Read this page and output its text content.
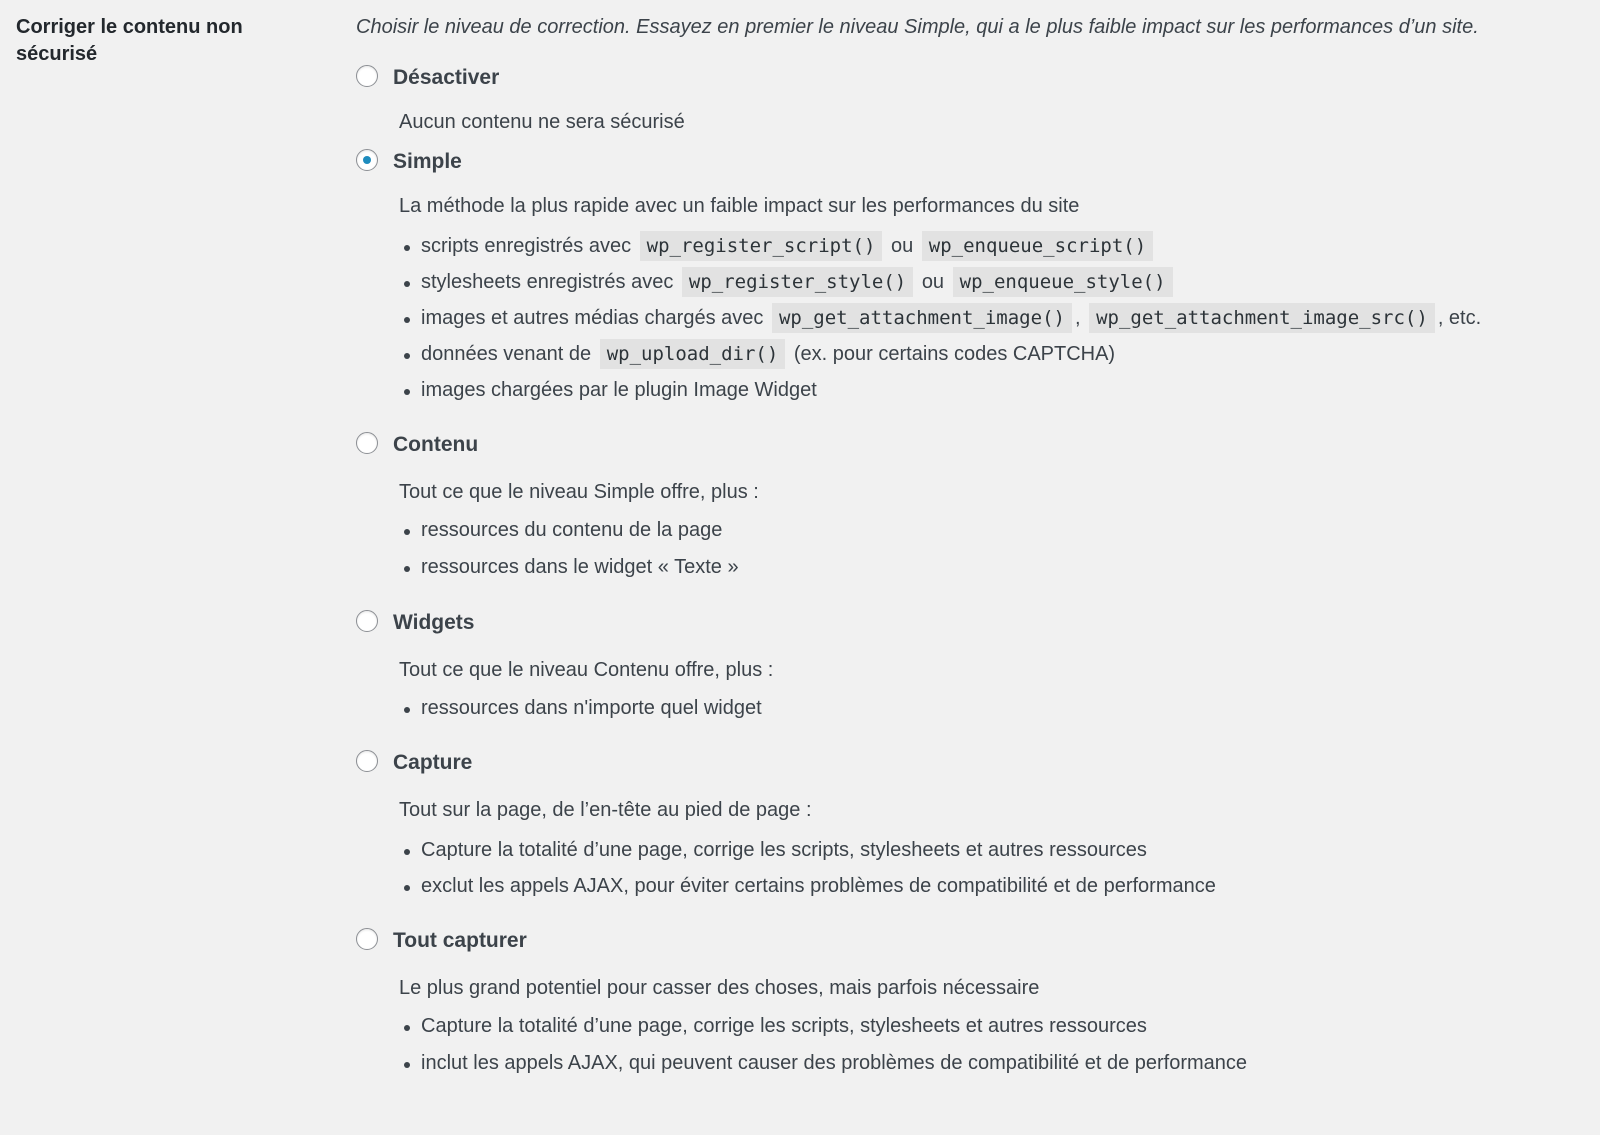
Corriger le contenu non sécurisé

Choisir le niveau de correction. Essayez en premier le niveau Simple, qui a le plus faible impact sur les performances d’un site.

Désactiver

Aucun contenu ne sera sécurisé

Simple

La méthode la plus rapide avec un faible impact sur les performances du site

scripts enregistrés avec wp_register_script() ou wp_enqueue_script()
stylesheets enregistrés avec wp_register_style() ou wp_enqueue_style()
images et autres médias chargés avec wp_get_attachment_image() , wp_get_attachment_image_src() , etc.
données venant de wp_upload_dir() (ex. pour certains codes CAPTCHA)
images chargées par le plugin Image Widget
Contenu

Tout ce que le niveau Simple offre, plus :

ressources du contenu de la page
ressources dans le widget « Texte »
Widgets

Tout ce que le niveau Contenu offre, plus :

ressources dans n'importe quel widget
Capture

Tout sur la page, de l’en-tête au pied de page :

Capture la totalité d’une page, corrige les scripts, stylesheets et autres ressources
exclut les appels AJAX, pour éviter certains problèmes de compatibilité et de performance
Tout capturer

Le plus grand potentiel pour casser des choses, mais parfois nécessaire

Capture la totalité d’une page, corrige les scripts, stylesheets et autres ressources
inclut les appels AJAX, qui peuvent causer des problèmes de compatibilité et de performance
